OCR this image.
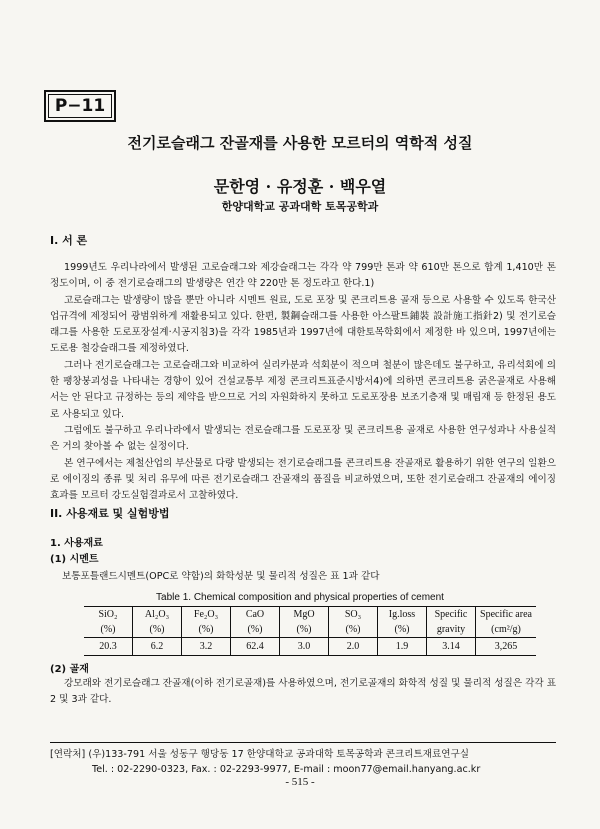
P−11
전기로슬래그 잔골재를 사용한 모르터의 역학적 성질
문한영 · 유정훈 · 백우열
한양대학교 공과대학 토목공학과
I. 서 론

1999년도 우리나라에서 발생된 고로슬래그와 제강슬래그는 각각 약 799만 톤과 약 610만 톤으로 합계 1,410만 톤 정도이며, 이 중 전기로슬래그의 발생량은 연간 약 220만 톤 정도라고 한다.1)

고로슬래그는 발생량이 많을 뿐만 아니라 시멘트 원료, 도로 포장 및 콘크리트용 골재 등으로 사용할 수 있도록 한국산업규격에 제정되어 광범위하게 재활용되고 있다. 한편, 製鋼슬래그를 사용한 아스팔트鋪裝 設計施工指針2) 및 전기로슬래그를 사용한 도로포장설계·시공지침3)을 각각 1985년과 1997년에 대한토목학회에서 제정한 바 있으며, 1997년에는 도로용 철강슬래그를 제정하였다.

그러나 전기로슬래그는 고로슬래그와 비교하여 실리카분과 석회분이 적으며 철분이 많은데도 불구하고, 유리석회에 의한 팽창붕괴성을 나타내는 경향이 있어 건설교통부 제정 콘크리트표준시방서4)에 의하면 콘크리트용 굵은골재로 사용해서는 안 된다고 규정하는 등의 제약을 받으므로 거의 자원화하지 못하고 도로포장용 보조기층재 및 매립재 등 한정된 용도로 사용되고 있다.

그럼에도 불구하고 우리나라에서 발생되는 전로슬래그를 도로포장 및 콘크리트용 골재로 사용한 연구성과나 사용실적은 거의 찾아볼 수 없는 실정이다.

본 연구에서는 제철산업의 부산물로 다량 발생되는 전기로슬래그를 콘크리트용 잔골재로 활용하기 위한 연구의 일환으로 에이징의 종류 및 처리 유무에 따른 전기로슬래그 잔골재의 품질을 비교하였으며, 또한 전기로슬래그 잔골재의 에이징 효과를 모르터 강도실험결과로서 고찰하였다.

II. 사용재료 및 실험방법
1. 사용재료
(1) 시멘트
보통포틀랜드시멘트(OPC로 약함)의 화학성분 및 물리적 성질은 표 1과 같다
Table 1. Chemical composition and physical properties of cement
SiO₂	Al₂O₃	Fe₂O₃	CaO	MgO	SO₃	Ig.loss	Specific	Specific area
(%)	(%)	(%)	(%)	(%)	(%)	(%)	gravity	(cm²/g)
20.3	6.2	3.2	62.4	3.0	2.0	1.9	3.14	3,265
(2) 골재

강모래와 전기로슬래그 잔골재(이하 전기로골재)를 사용하였으며, 전기로골재의 화학적 성질 및 물리적 성질은 각각 표 2 및 3과 같다.

[연락처] (우)133-791 서울 성동구 행당동 17 한양대학교 공과대학 토목공학과 콘크리트재료연구실
Tel. : 02-2290-0323, Fax. : 02-2293-9977, E-mail : moon77@email.hanyang.ac.kr
- 515 -
